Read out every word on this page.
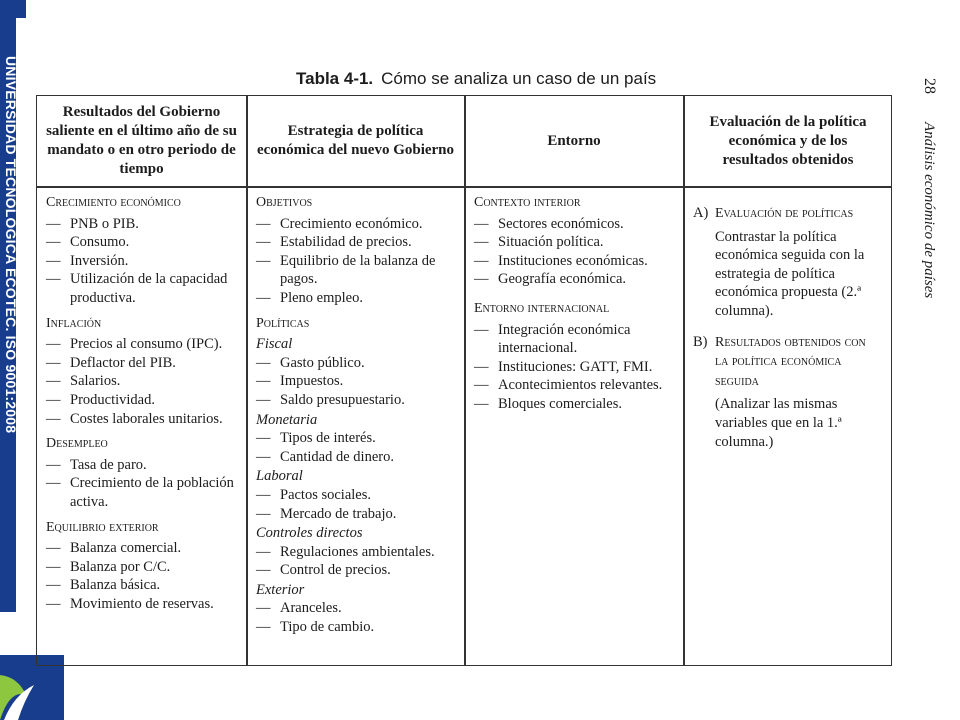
UNIVERSIDAD TECNOLÓGICA ECOTEC. ISO 9001:2008	28
Análisis económico de países
Tabla 4-1. Cómo se analiza un caso de un país
Resultados del Gobierno saliente en el último año de su mandato o en otro periodo de tiempo
Estrategia de política económica del nuevo Gobierno
Entorno
Evaluación de la política económica y de los resultados obtenidos
Crecimiento económico
— PNB o PIB.
— Consumo.
— Inversión.
— Utilización de la capacidad productiva.
Inflación
— Precios al consumo (IPC).
— Deflactor del PIB.
— Salarios.
— Productividad.
— Costes laborales unitarios.
Desempleo
— Tasa de paro.
— Crecimiento de la población activa.
Equilibrio exterior
— Balanza comercial.
— Balanza por C/C.
— Balanza básica.
— Movimiento de reservas.
Objetivos
— Crecimiento económico.
— Estabilidad de precios.
— Equilibrio de la balanza de pagos.
— Pleno empleo.
Políticas
Fiscal
— Gasto público.
— Impuestos.
— Saldo presupuestario.
Monetaria
— Tipos de interés.
— Cantidad de dinero.
Laboral
— Pactos sociales.
— Mercado de trabajo.
Controles directos
— Regulaciones ambientales.
— Control de precios.
Exterior
— Aranceles.
— Tipo de cambio.
Contexto interior
— Sectores económicos.
— Situación política.
— Instituciones económicas.
— Geografía económica.
Entorno internacional
— Integración económica internacional.
— Instituciones: GATT, FMI.
— Acontecimientos relevantes.
— Bloques comerciales.
A) Evaluación de políticas
Contrastar la política económica seguida con la estrategia de política económica propuesta (2.ª columna).
B) Resultados obtenidos con la política económica seguida
(Analizar las mismas variables que en la 1.ª columna.)
